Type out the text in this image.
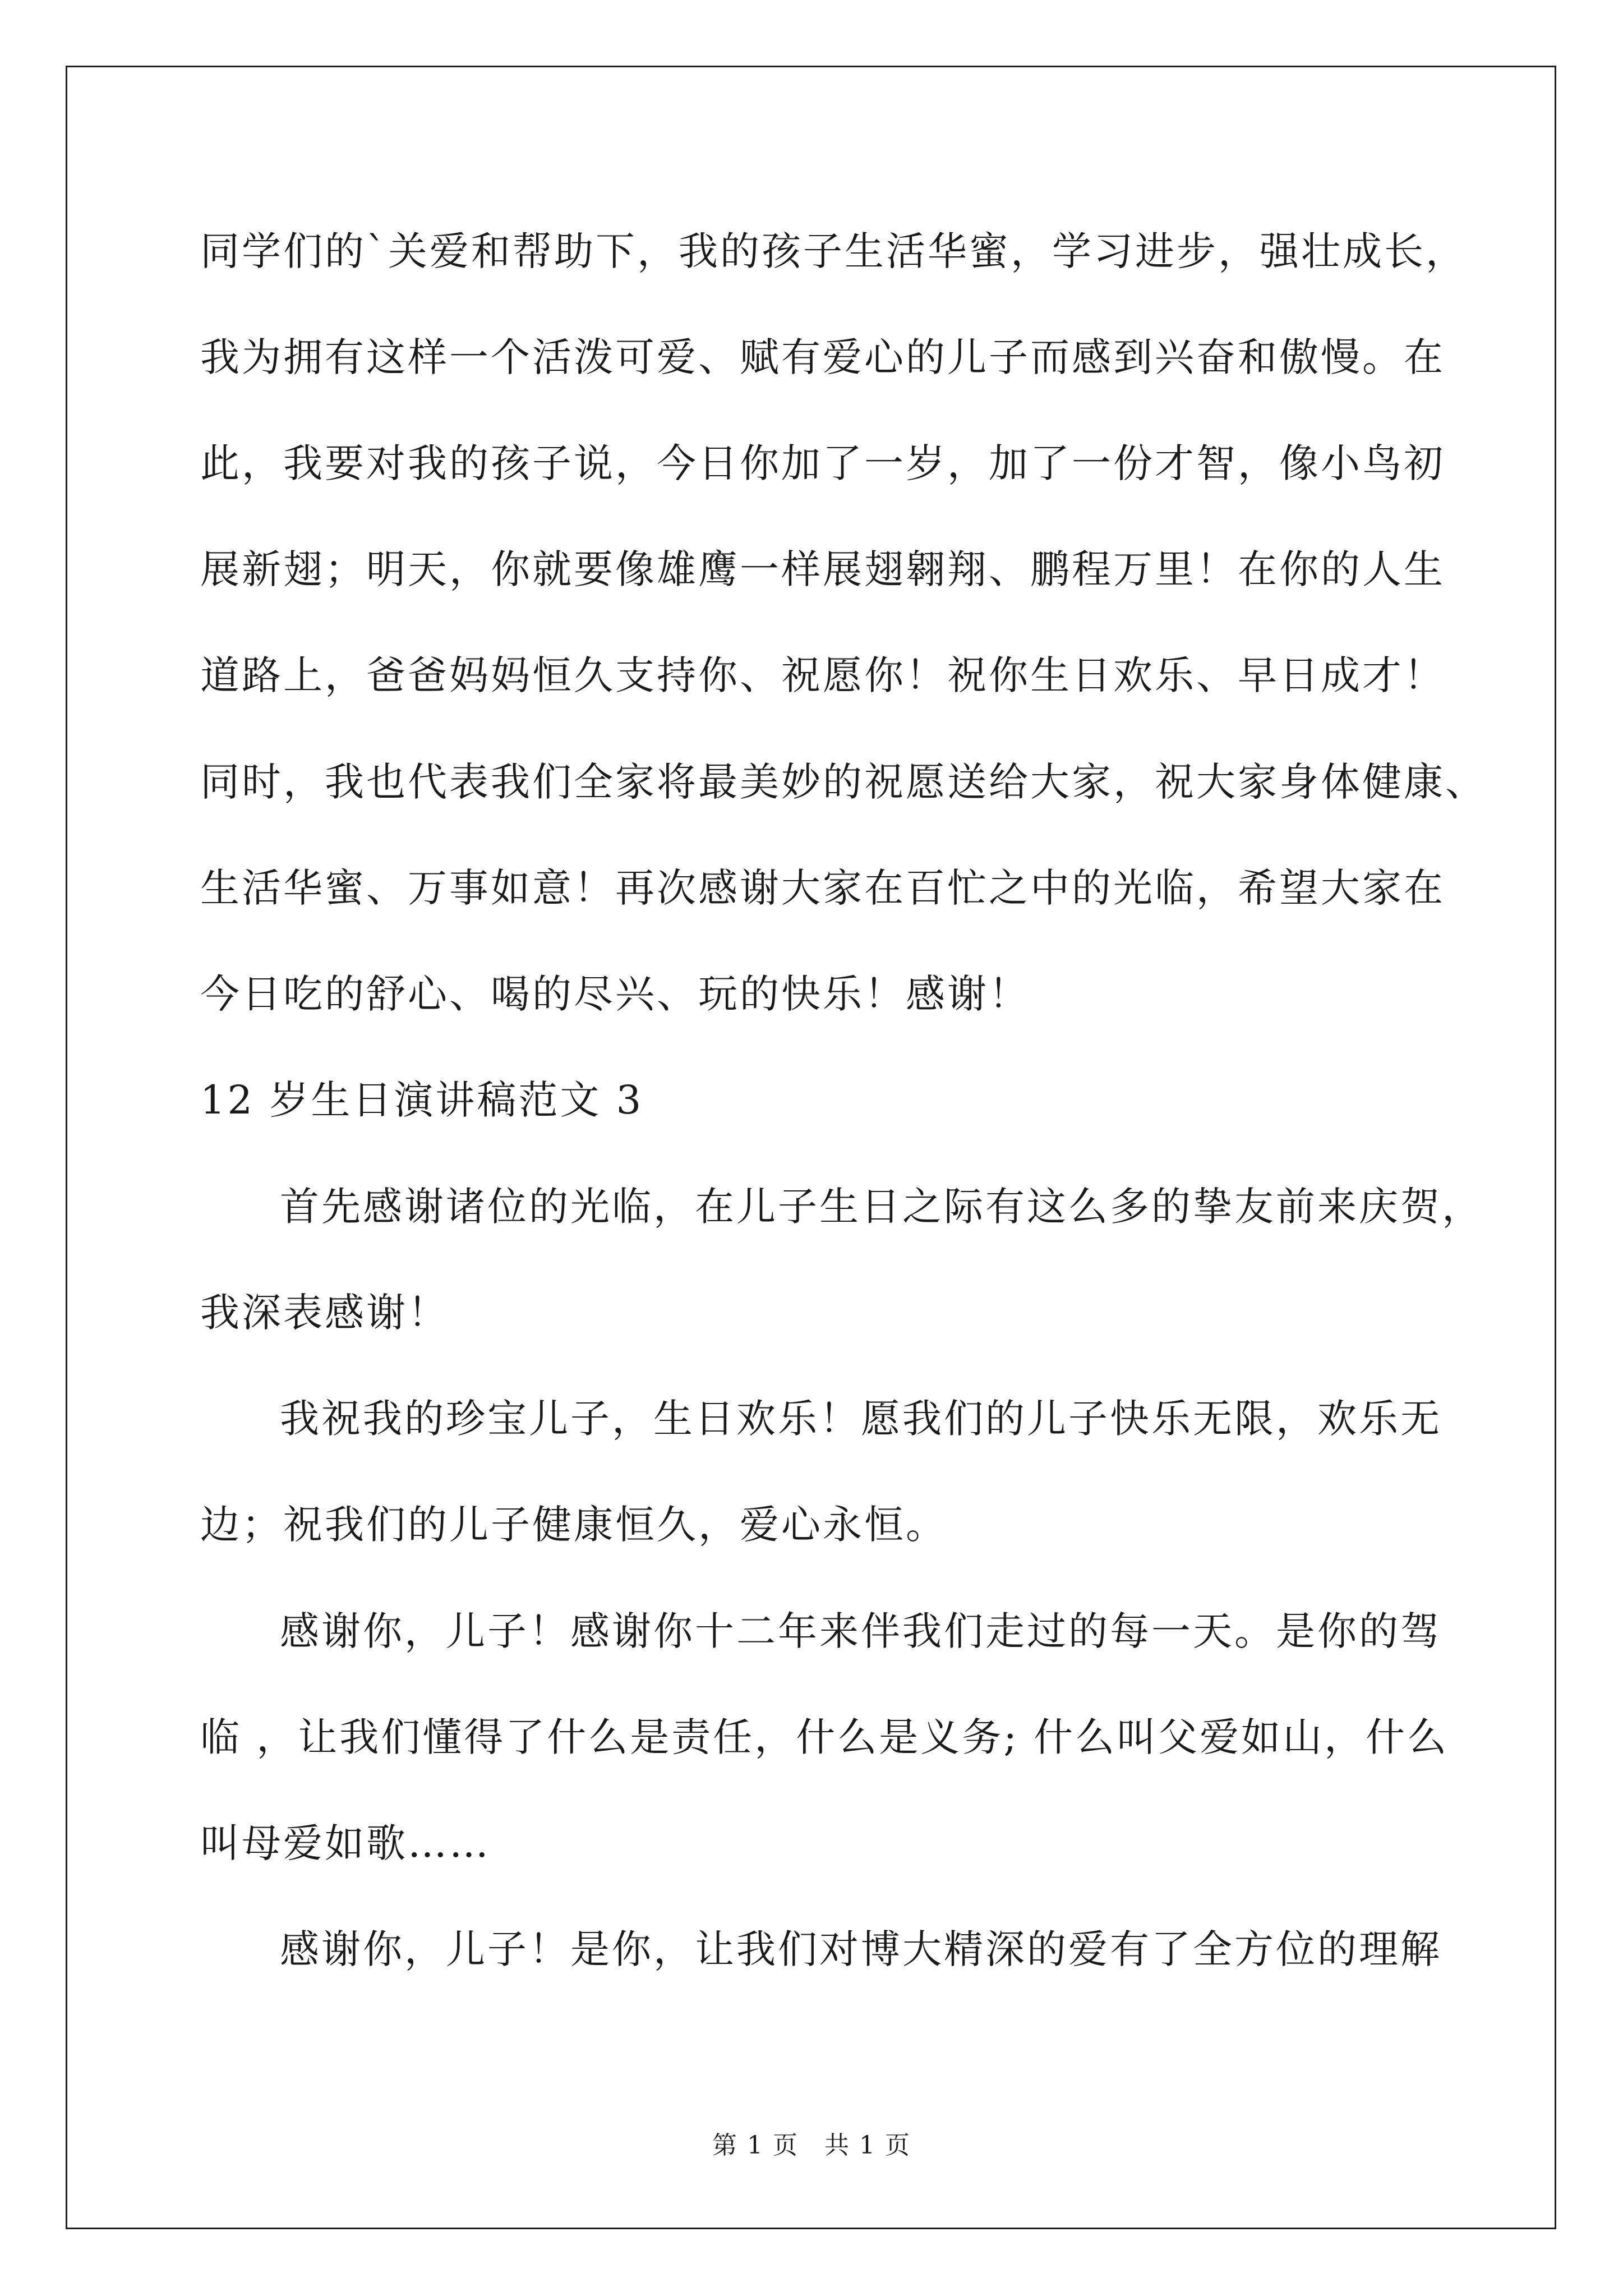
同学们的`关爱和帮助下，我的孩子生活华蜜，学习进步，强壮成长，
我为拥有这样一个活泼可爱、赋有爱心的儿子而感到兴奋和傲慢。在
此，我要对我的孩子说，今日你加了一岁，加了一份才智，像小鸟初
展新翅；明天，你就要像雄鹰一样展翅翱翔、鹏程万里！在你的人生
道路上，爸爸妈妈恒久支持你、祝愿你！祝你生日欢乐、早日成才！
同时，我也代表我们全家将最美妙的祝愿送给大家，祝大家身体健康、
生活华蜜、万事如意！再次感谢大家在百忙之中的光临，希望大家在
今日吃的舒心、喝的尽兴、玩的快乐！感谢！
12 岁生日演讲稿范文 3
首先感谢诸位的光临，在儿子生日之际有这么多的挚友前来庆贺，
我深表感谢！
我祝我的珍宝儿子，生日欢乐！愿我们的儿子快乐无限，欢乐无
边；祝我们的儿子健康恒久，爱心永恒。
感谢你，儿子！感谢你十二年来伴我们走过的每一天。是你的驾
临 ，让我们懂得了什么是责任，什么是义务; 什么叫父爱如山，什么
叫母爱如歌……
感谢你，儿子！是你，让我们对博大精深的爱有了全方位的理解
第 1 页　共 1 页
